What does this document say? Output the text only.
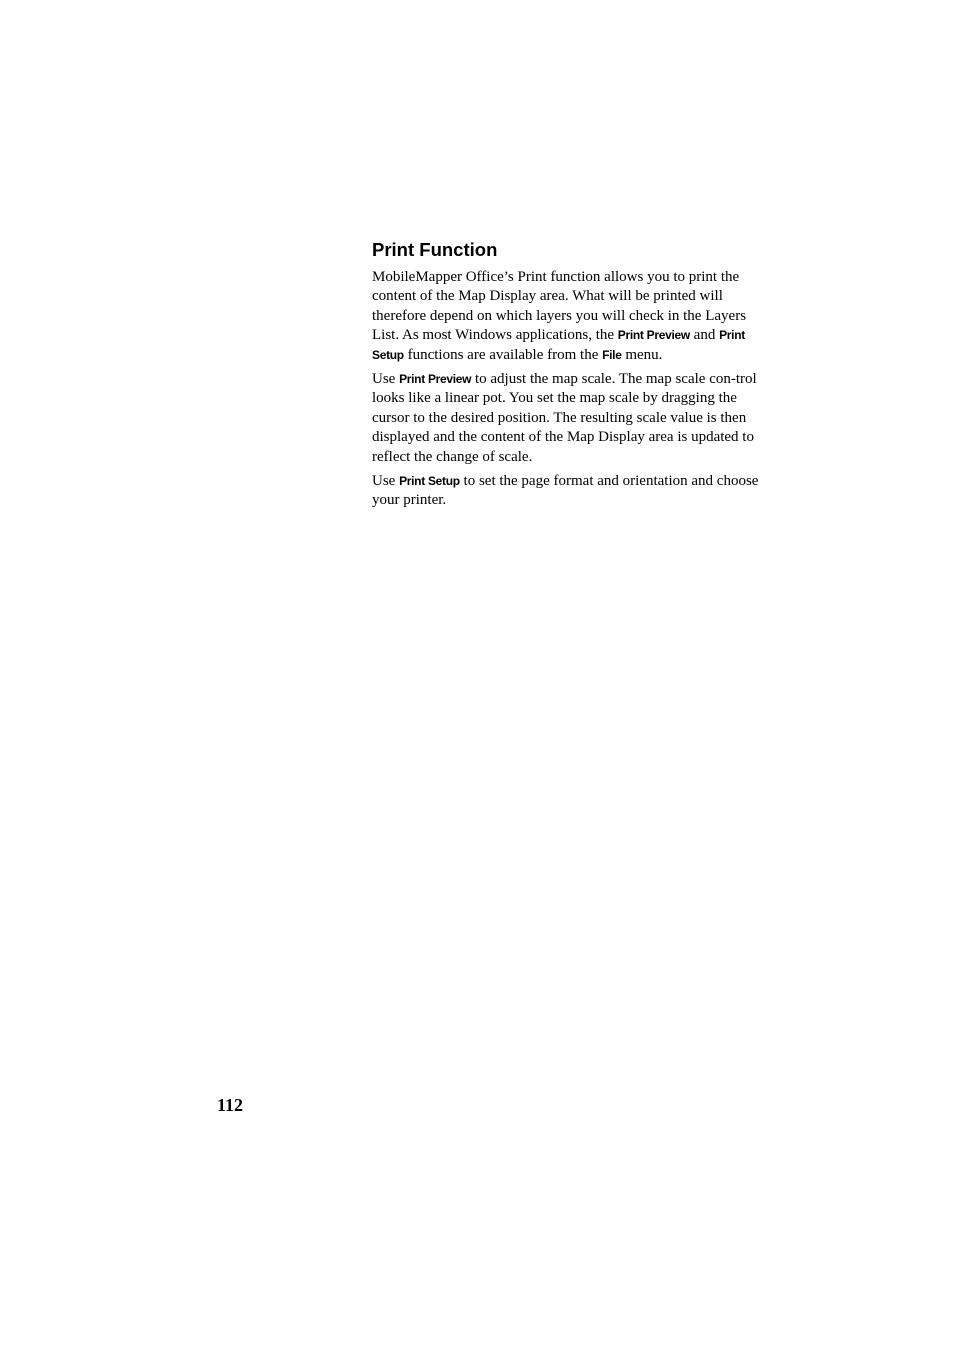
Print Function

MobileMapper Office’s Print function allows you to print the content of the Map Display area. What will be printed will therefore depend on which layers you will check in the Layers List. As most Windows applications, the Print Preview and Print Setup functions are available from the File menu.

Use Print Preview to adjust the map scale. The map scale con-trol looks like a linear pot. You set the map scale by dragging the cursor to the desired position. The resulting scale value is then displayed and the content of the Map Display area is updated to reflect the change of scale.

Use Print Setup to set the page format and orientation and choose your printer.

112
